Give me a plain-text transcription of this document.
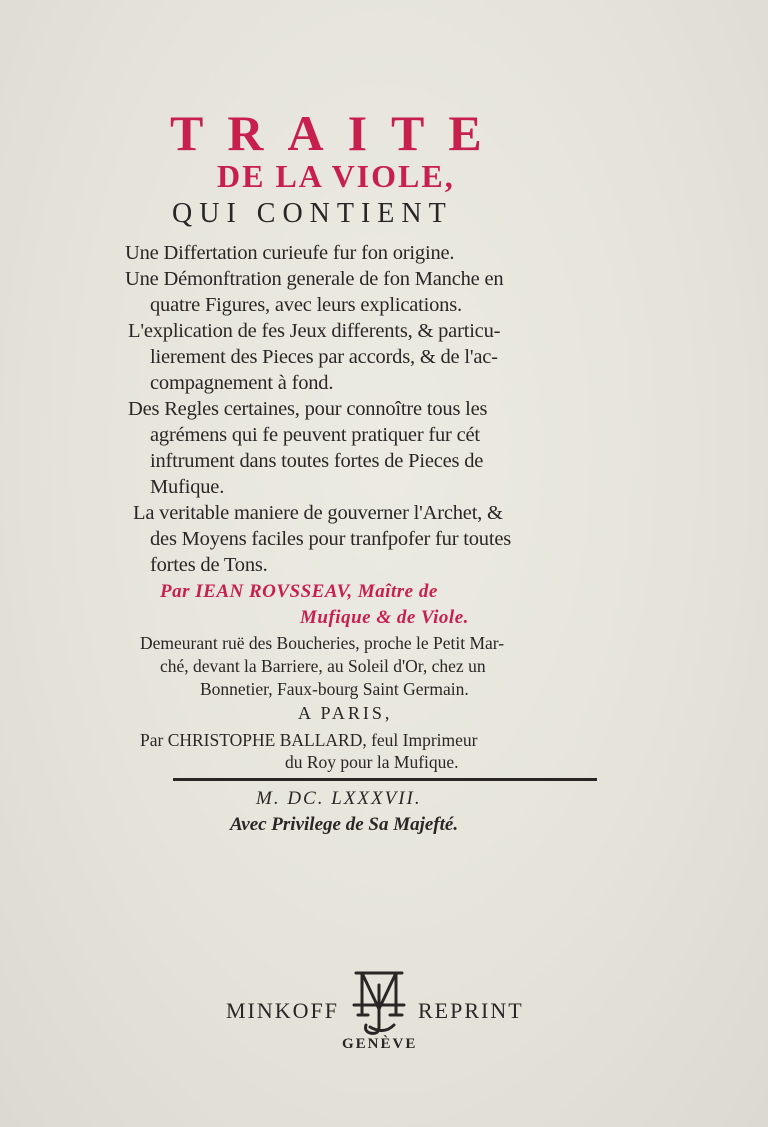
TRAITE
DE LA VIOLE,
QUI CONTIENT
Une Differtation curieufe fur fon origine.
Une Démonftration generale de fon Manche en
quatre Figures, avec leurs explications.
L'explication de fes Jeux differents, & particu-
lierement des Pieces par accords, & de l'ac-
compagnement à fond.
Des Regles certaines, pour connoître tous les
agrémens qui fe peuvent pratiquer fur cét
inftrument dans toutes fortes de Pieces de
Mufique.
La veritable maniere de gouverner l'Archet, &
des Moyens faciles pour tranfpofer fur toutes
fortes de Tons.
Par IEAN ROVSSEAV, Maître de
Mufique & de Viole.
Demeurant ruë des Boucheries, proche le Petit Mar-
ché, devant la Barriere, au Soleil d'Or, chez un
Bonnetier, Faux-bourg Saint Germain.
A PARIS,
Par CHRISTOPHE BALLARD, feul Imprimeur
du Roy pour la Mufique.
M. DC. LXXXVII.
Avec Privilege de Sa Majefté.
MINKOFF	REPRINT
GENÈVE
